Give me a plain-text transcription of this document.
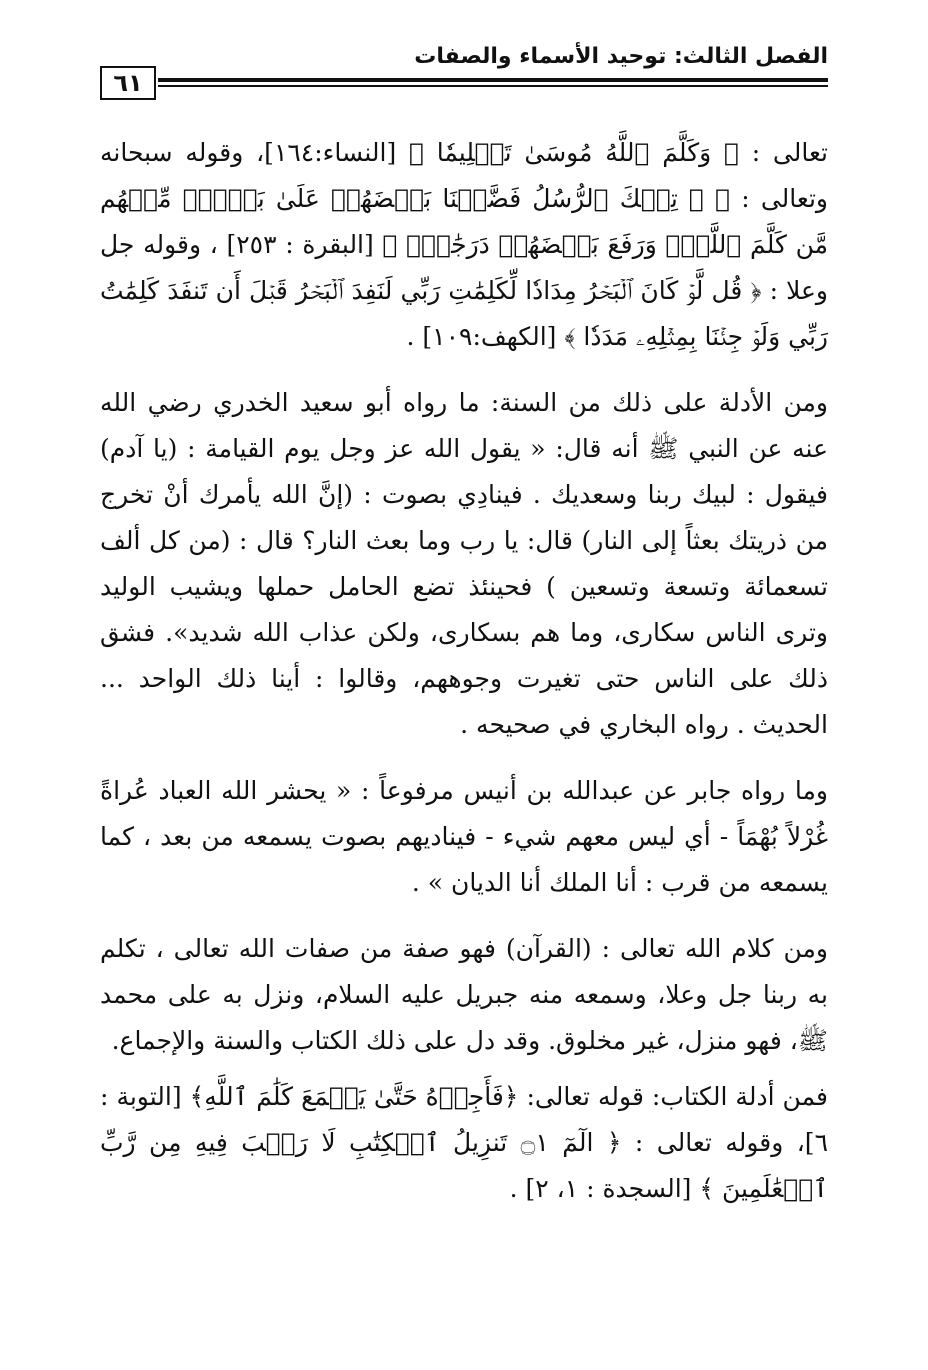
الفصل الثالث: توحيد الأسماء والصفات
٦١

تعالى : ﴿ وَكَلَّمَ ٱللَّهُ مُوسَىٰ تَكۡلِيمٗا ﴾ [النساء:١٦٤]، وقوله سبحانه وتعالى : ﴿ ۞ تِلۡكَ ٱلرُّسُلُ فَضَّلۡنَا بَعۡضَهُمۡ عَلَىٰ بَعۡضٖۘ مِّنۡهُم مَّن كَلَّمَ ٱللَّهُۖ وَرَفَعَ بَعۡضَهُمۡ دَرَجَٰتٖۚ ﴾ [البقرة : ٢٥٣] ، وقوله جل وعلا : ﴿ قُل لَّوۡ كَانَ ٱلۡبَحۡرُ مِدَادٗا لِّكَلِمَٰتِ رَبِّي لَنَفِدَ ٱلۡبَحۡرُ قَبۡلَ أَن تَنفَدَ كَلِمَٰتُ رَبِّي وَلَوۡ جِئۡنَا بِمِثۡلِهِۦ مَدَدٗا ﴾ [الكهف:١٠٩] .

ومن الأدلة على ذلك من السنة: ما رواه أبو سعيد الخدري رضي الله عنه عن النبي ﷺ أنه قال: « يقول الله عز وجل يوم القيامة : (يا آدم) فيقول : لبيك ربنا وسعديك . فينادِي بصوت : (إنَّ الله يأمرك أنْ تخرج من ذريتك بعثاً إلى النار) قال: يا رب وما بعث النار؟ قال : (من كل ألف تسعمائة وتسعة وتسعين ) فحينئذ تضع الحامل حملها ويشيب الوليد وترى الناس سكارى، وما هم بسكارى، ولكن عذاب الله شديد». فشق ذلك على الناس حتى تغيرت وجوههم، وقالوا : أينا ذلك الواحد ... الحديث . رواه البخاري في صحيحه .

وما رواه جابر عن عبدالله بن أنيس مرفوعاً : « يحشر الله العباد عُراةً غُرْلاً بُهْمَاً - أي ليس معهم شيء - فيناديهم بصوت يسمعه من بعد ، كما يسمعه من قرب : أنا الملك أنا الديان » .

ومن كلام الله تعالى : (القرآن) فهو صفة من صفات الله تعالى ، تكلم به ربنا جل وعلا، وسمعه منه جبريل عليه السلام، ونزل به على محمد ﷺ، فهو منزل، غير مخلوق. وقد دل على ذلك الكتاب والسنة والإجماع.

فمن أدلة الكتاب: قوله تعالى: ﴿فَأَجِرۡهُ حَتَّىٰ يَسۡمَعَ كَلَٰمَ ٱللَّهِ﴾ [التوبة : ٦]، وقوله تعالى : ﴿ الٓمٓ ۝١ تَنزِيلُ ٱلۡكِتَٰبِ لَا رَيۡبَ فِيهِ مِن رَّبِّ ٱلۡعَٰلَمِينَ ﴾ [السجدة : ١، ٢] .
